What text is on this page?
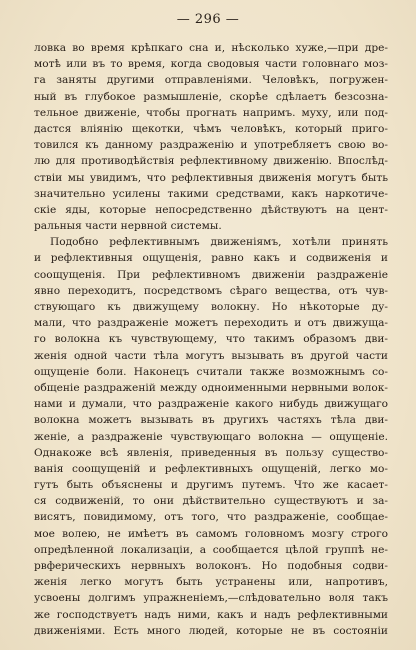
— 296 —
ловка во время крѣпкаго сна и, нѣсколько хуже,—при дре-
мотѣ или въ то время, когда сводовыя части головнаго моз-
га заняты другими отправленіями. Человѣкъ, погружен-
ный въ глубокое размышленіе, скорѣе сдѣлаетъ безсозна-
тельное движеніе, чтобы прогнать напримъ. муху, или под-
дастся вліянію щекотки, чѣмъ человѣкъ, который приго-
товился къ данному раздраженію и употребляетъ свою во-
лю для противодѣйствія рефлективному движенію. Впослѣд-
ствіи мы увидимъ, что рефлективныя движенія могутъ быть
значительно усилены такими средствами, какъ наркотиче-
скіе яды, которые непосредственно дѣйствуютъ на цент-
ральныя части нервной системы.
Подобно рефлективнымъ движеніямъ, хотѣли принять
и рефлективныя ощущенія, равно какъ и содвиженія и
соощущенія. При рефлективномъ движеніи раздраженіе
явно переходитъ, посредствомъ сѣраго вещества, отъ чув-
ствующаго къ движущему волокну. Но нѣкоторые ду-
мали, что раздраженіе можетъ переходить и отъ движуща-
го волокна къ чувствующему, что такимъ образомъ дви-
женія одной части тѣла могутъ вызывать въ другой части
ощущеніе боли. Наконецъ считали также возможнымъ со-
общеніе раздраженій между одноименными нервными волок-
нами и думали, что раздраженіе какого нибудь движущаго
волокна можетъ вызывать въ другихъ частяхъ тѣла дви-
женіе, а раздраженіе чувствующаго волокна — ощущеніе.
Однакоже всѣ явленія, приведенныя въ пользу существо-
ванія соощущеній и рефлективныхъ ощущеній, легко мо-
гутъ быть объяснены и другимъ путемъ. Что же касает-
ся содвиженій, то они дѣйствительно существуютъ и за-
висятъ, повидимому, отъ того, что раздраженіе, сообщае-
мое волею, не имѣетъ въ самомъ головномъ мозгу строго
опредѣленной локализаціи, а сообщается цѣлой группѣ не-
рвферическихъ нервныхъ волоконъ. Но подобныя содви-
женія легко могутъ быть устранены или, напротивъ,
усвоены долгимъ упражненіемъ,—слѣдовательно воля такъ
же господствуетъ надъ ними, какъ и надъ рефлективными
движеніями. Есть много людей, которые не въ состояніи
